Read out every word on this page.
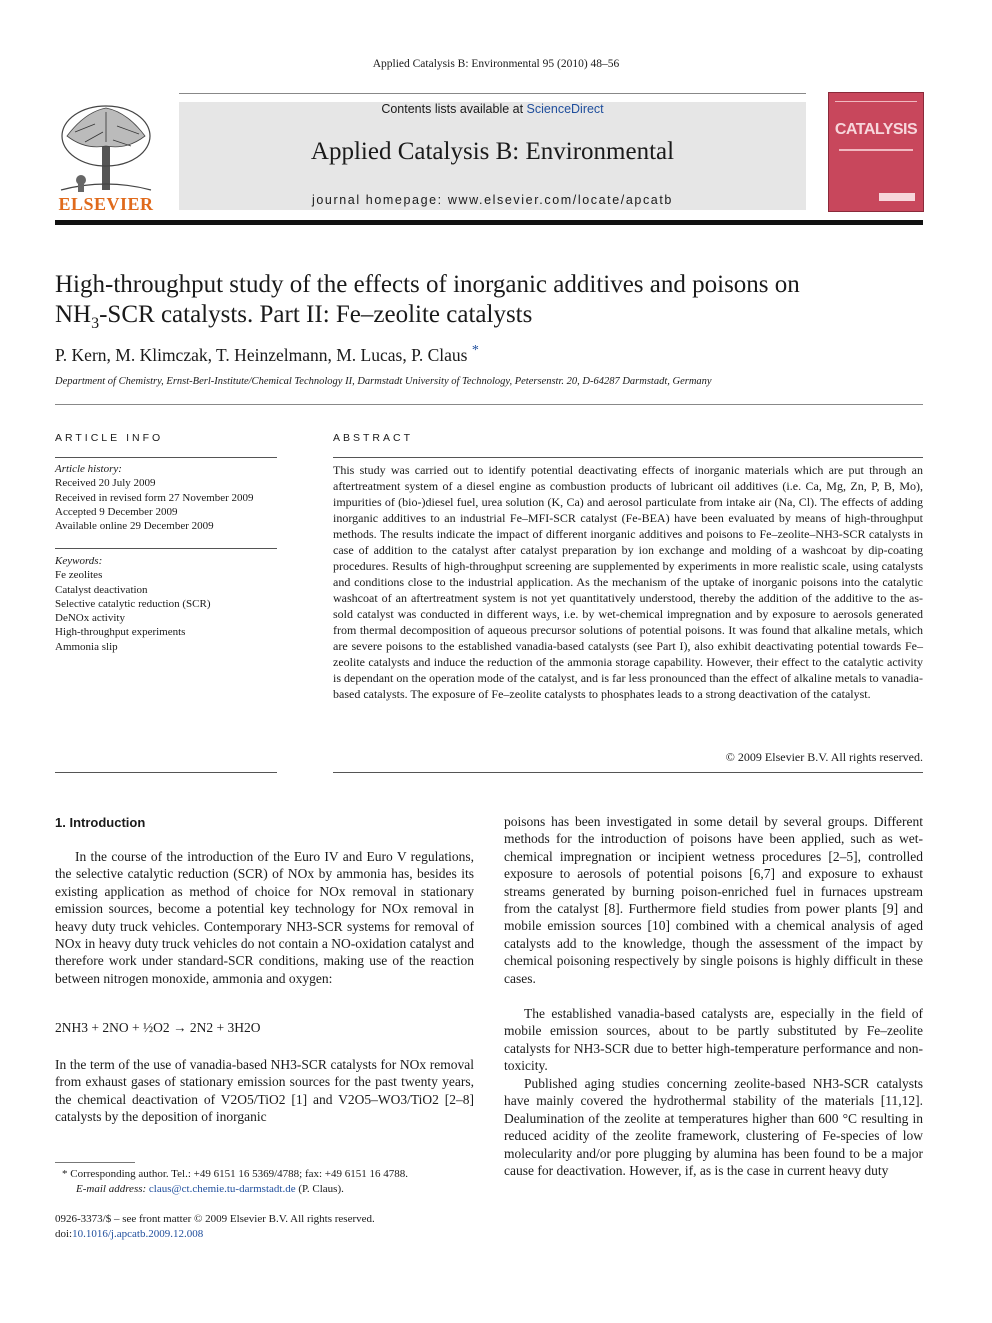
Applied Catalysis B: Environmental 95 (2010) 48–56
ELSEVIER
Contents lists available at ScienceDirect
Applied Catalysis B: Environmental
journal homepage: www.elsevier.com/locate/apcatb
CATALYSIS
High-throughput study of the effects of inorganic additives and poisons on
$NH_3$-SCR catalysts. Part II: Fe–zeolite catalysts
P. Kern, M. Klimczak, T. Heinzelmann, M. Lucas, P. Claus *
Department of Chemistry, Ernst-Berl-Institute/Chemical Technology II, Darmstadt University of Technology, Petersenstr. 20, D-64287 Darmstadt, Germany
ARTICLE INFO
Article history:
Received 20 July 2009
Received in revised form 27 November 2009
Accepted 9 December 2009
Available online 29 December 2009
Keywords:
Fe zeolites
Catalyst deactivation
Selective catalytic reduction (SCR)
DeNOx activity
High-throughput experiments
Ammonia slip
ABSTRACT
This study was carried out to identify potential deactivating effects of inorganic materials which are put through an aftertreatment system of a diesel engine as combustion products of lubricant oil additives (i.e. Ca, Mg, Zn, P, B, Mo), impurities of (bio-)diesel fuel, urea solution (K, Ca) and aerosol particulate from intake air (Na, Cl). The effects of adding inorganic additives to an industrial Fe–MFI-SCR catalyst (Fe-BEA) have been evaluated by means of high-throughput methods. The results indicate the impact of different inorganic additives and poisons to Fe–zeolite–NH3-SCR catalysts in case of addition to the catalyst after catalyst preparation by ion exchange and molding of a washcoat by dip-coating procedures. Results of high-throughput screening are supplemented by experiments in more realistic scale, using catalysts and conditions close to the industrial application. As the mechanism of the uptake of inorganic poisons into the catalytic washcoat of an aftertreatment system is not yet quantitatively understood, thereby the addition of the additive to the as-sold catalyst was conducted in different ways, i.e. by wet-chemical impregnation and by exposure to aerosols generated from thermal decomposition of aqueous precursor solutions of potential poisons. It was found that alkaline metals, which are severe poisons to the established vanadia-based catalysts (see Part I), also exhibit deactivating potential towards Fe–zeolite catalysts and induce the reduction of the ammonia storage capability. However, their effect to the catalytic activity is dependant on the operation mode of the catalyst, and is far less pronounced than the effect of alkaline metals to vanadia-based catalysts. The exposure of Fe–zeolite catalysts to phosphates leads to a strong deactivation of the catalyst.
© 2009 Elsevier B.V. All rights reserved.
1. Introduction
In the course of the introduction of the Euro IV and Euro V regulations, the selective catalytic reduction (SCR) of NOx by ammonia has, besides its existing application as method of choice for NOx removal in stationary emission sources, become a potential key technology for NOx removal in heavy duty truck vehicles. Contemporary NH3-SCR systems for removal of NOx in heavy duty truck vehicles do not contain a NO-oxidation catalyst and therefore work under standard-SCR conditions, making use of the reaction between nitrogen monoxide, ammonia and oxygen:
2NH3 + 2NO + ½O2 → 2N2 + 3H2O
In the term of the use of vanadia-based NH3-SCR catalysts for NOx removal from exhaust gases of stationary emission sources for the past twenty years, the chemical deactivation of V2O5/TiO2 [1] and V2O5–WO3/TiO2 [2–8] catalysts by the deposition of inorganic
poisons has been investigated in some detail by several groups. Different methods for the introduction of poisons have been applied, such as wet-chemical impregnation or incipient wetness procedures [2–5], controlled exposure to aerosols of potential poisons [6,7] and exposure to exhaust streams generated by burning poison-enriched fuel in furnaces upstream from the catalyst [8]. Furthermore field studies from power plants [9] and mobile emission sources [10] combined with a chemical analysis of aged catalysts add to the knowledge, though the assessment of the impact by chemical poisoning respectively by single poisons is highly difficult in these cases.
The established vanadia-based catalysts are, especially in the field of mobile emission sources, about to be partly substituted by Fe–zeolite catalysts for NH3-SCR due to better high-temperature performance and non-toxicity.
Published aging studies concerning zeolite-based NH3-SCR catalysts have mainly covered the hydrothermal stability of the materials [11,12]. Dealumination of the zeolite at temperatures higher than 600 °C resulting in reduced acidity of the zeolite framework, clustering of Fe-species of low molecularity and/or pore plugging by alumina has been found to be a major cause for deactivation. However, if, as is the case in current heavy duty
* Corresponding author. Tel.: +49 6151 16 5369/4788; fax: +49 6151 16 4788.
E-mail address: claus@ct.chemie.tu-darmstadt.de (P. Claus).
0926-3373/$ – see front matter © 2009 Elsevier B.V. All rights reserved.
doi:10.1016/j.apcatb.2009.12.008
